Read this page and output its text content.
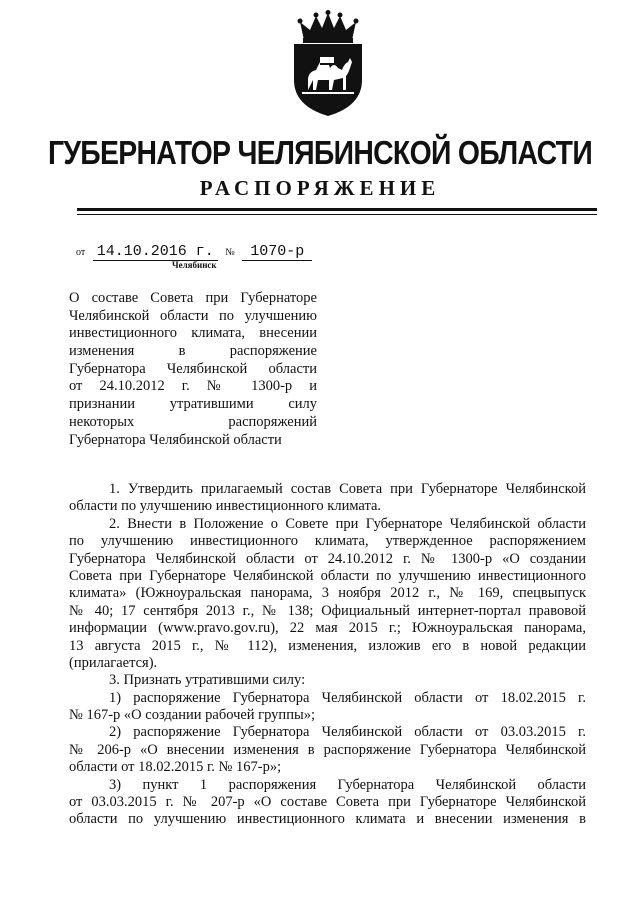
ГУБЕРНАТОР ЧЕЛЯБИНСКОЙ ОБЛАСТИ
РАСПОРЯЖЕНИЕ
от 14.10.2016 г. № 1070-р
Челябинск
О составе Совета при Губернаторе
Челябинской области по улучшению
инвестиционного климата, внесении
изменения в распоряжение
Губернатора Челябинской области
от 24.10.2012 г. № 1300-р и
признании утратившими силу
некоторых распоряжений
Губернатора Челябинской области
1. Утвердить прилагаемый состав Совета при Губернаторе Челябинской
области по улучшению инвестиционного климата.
2. Внести в Положение о Совете при Губернаторе Челябинской области
по улучшению инвестиционного климата, утвержденное распоряжением
Губернатора Челябинской области от 24.10.2012 г. № 1300-р «О создании
Совета при Губернаторе Челябинской области по улучшению инвестиционного
климата» (Южноуральская панорама, 3 ноября 2012 г., № 169, спецвыпуск
№ 40; 17 сентября 2013 г., № 138; Официальный интернет-портал правовой
информации (www.pravo.gov.ru), 22 мая 2015 г.; Южноуральская панорама,
13 августа 2015 г., № 112), изменения, изложив его в новой редакции
(прилагается).
3. Признать утратившими силу:
1) распоряжение Губернатора Челябинской области от 18.02.2015 г.
№ 167-р «О создании рабочей группы»;
2) распоряжение Губернатора Челябинской области от 03.03.2015 г.
№ 206-р «О внесении изменения в распоряжение Губернатора Челябинской
области от 18.02.2015 г. № 167-р»;
3) пункт 1 распоряжения Губернатора Челябинской области
от 03.03.2015 г. № 207-р «О составе Совета при Губернаторе Челябинской
области по улучшению инвестиционного климата и внесении изменения в
